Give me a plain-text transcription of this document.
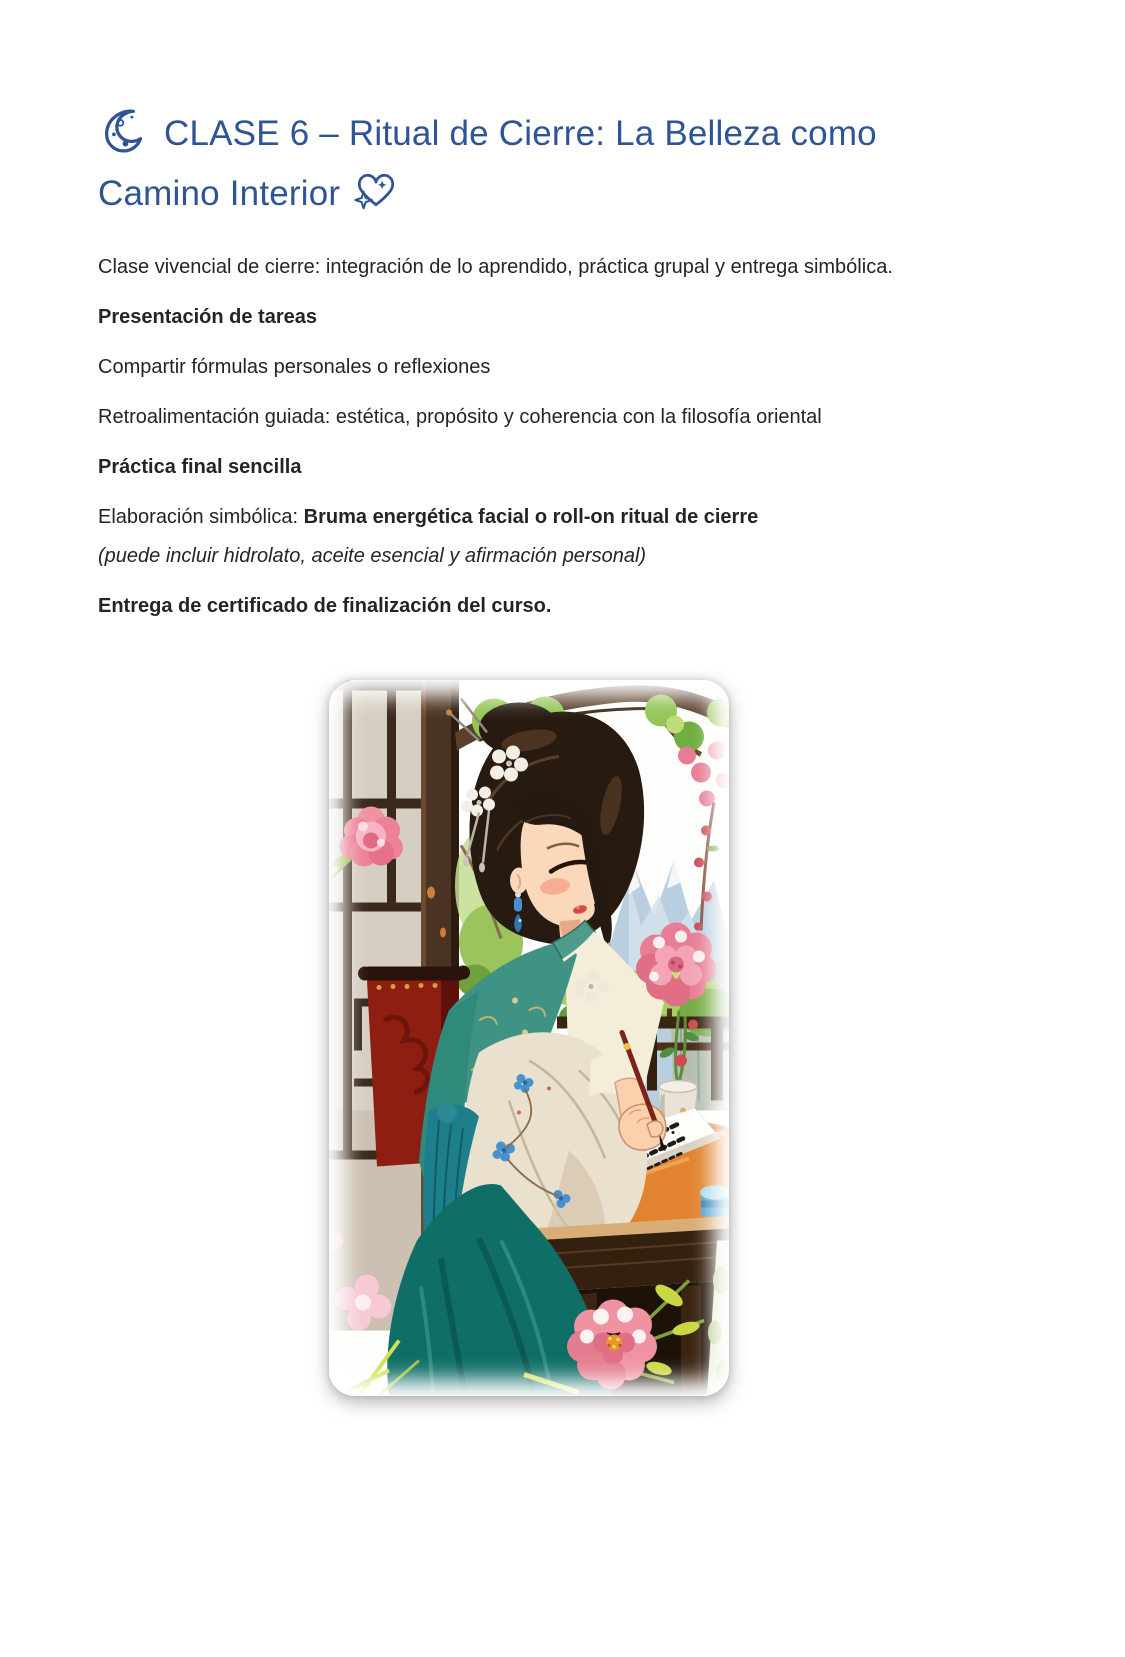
CLASE 6 – Ritual de Cierre: La Belleza como
Camino Interior

Clase vivencial de cierre: integración de lo aprendido, práctica grupal y entrega simbólica.

Presentación de tareas

Compartir fórmulas personales o reflexiones

Retroalimentación guiada: estética, propósito y coherencia con la filosofía oriental

Práctica final sencilla

Elaboración simbólica: Bruma energética facial o roll-on ritual de cierre
(puede incluir hidrolato, aceite esencial y afirmación personal)

Entrega de certificado de finalización del curso.
